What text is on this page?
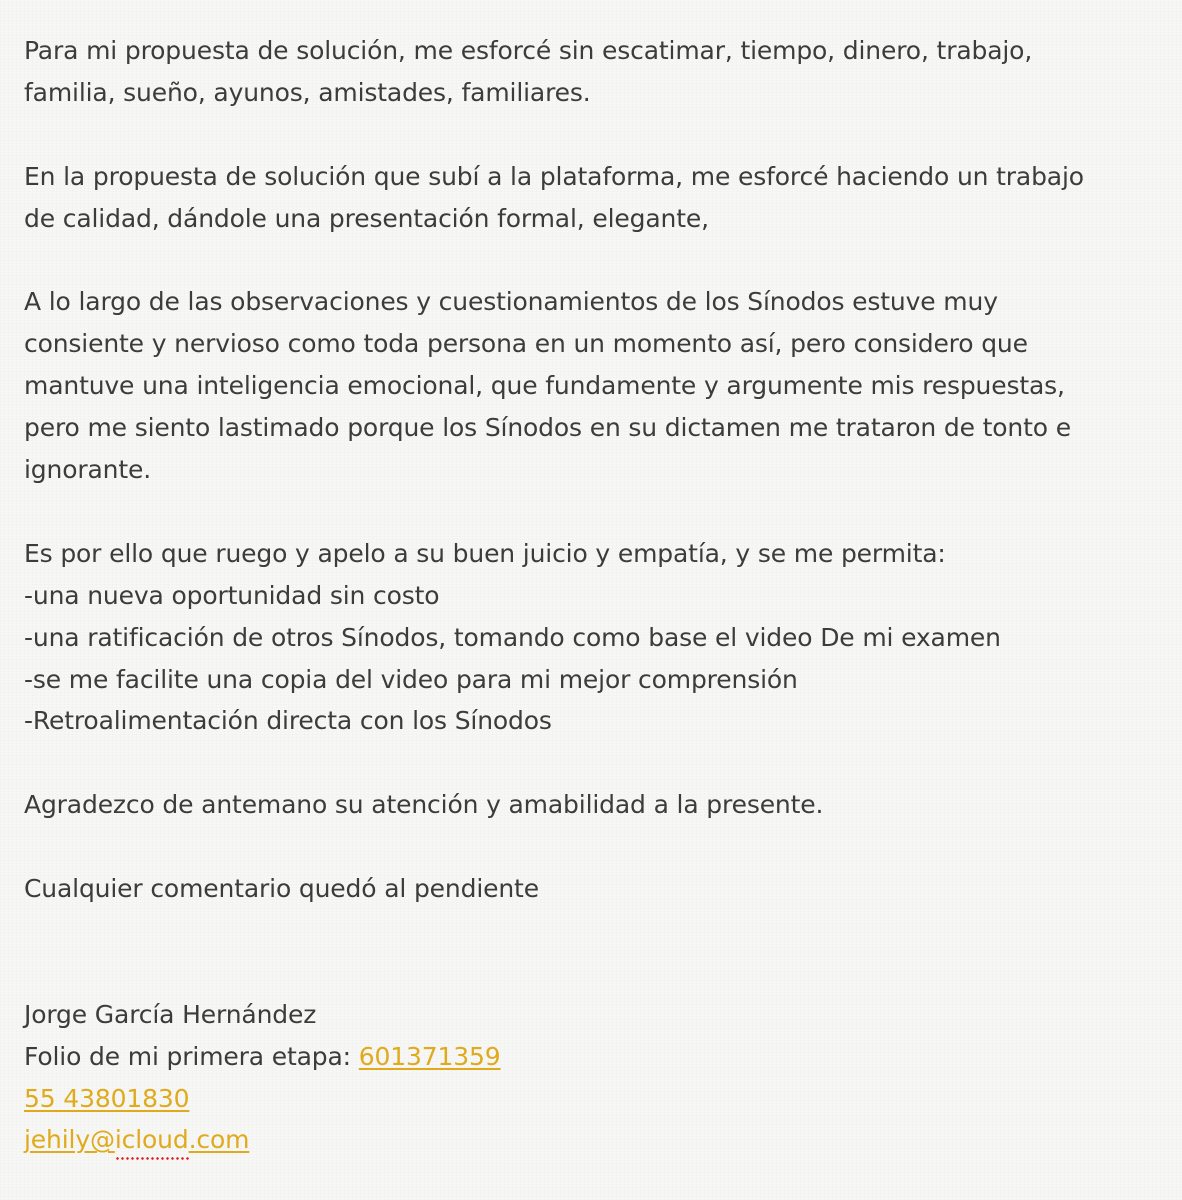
Para mi propuesta de solución, me esforcé sin escatimar, tiempo, dinero, trabajo,
familia, sueño, ayunos, amistades, familiares.

En la propuesta de solución que subí a la plataforma, me esforcé haciendo un trabajo
de calidad, dándole una presentación formal, elegante,

A lo largo de las observaciones y cuestionamientos de los Sínodos estuve muy
consiente y nervioso como toda persona en un momento así, pero considero que
mantuve una inteligencia emocional, que fundamente y argumente mis respuestas,
pero me siento lastimado porque los Sínodos en su dictamen me trataron de tonto e
ignorante.

Es por ello que ruego y apelo a su buen juicio y empatía, y se me permita:
-una nueva oportunidad sin costo
-una ratificación de otros Sínodos, tomando como base el video De mi examen
-se me facilite una copia del video para mi mejor comprensión
-Retroalimentación directa con los Sínodos

Agradezco de antemano su atención y amabilidad a la presente.

Cualquier comentario quedó al pendiente

Jorge García Hernández
Folio de mi primera etapa: 601371359
55 43801830
jehily@icloud.com
